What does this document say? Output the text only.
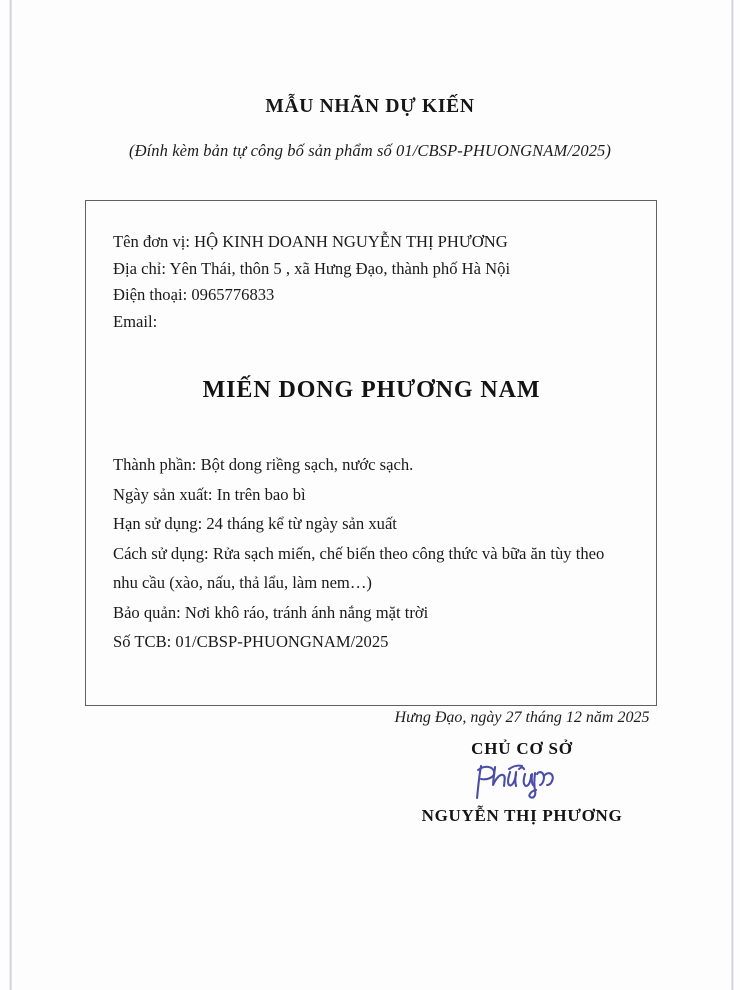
MẪU NHÃN DỰ KIẾN
(Đính kèm bản tự công bố sản phẩm số 01/CBSP-PHUONGNAM/2025)
Tên đơn vị: HỘ KINH DOANH NGUYỄN THỊ PHƯƠNG
Địa chỉ: Yên Thái, thôn 5 , xã Hưng Đạo, thành phố Hà Nội
Điện thoại: 0965776833
Email:
MIẾN DONG PHƯƠNG NAM
Thành phần: Bột dong riềng sạch, nước sạch.
Ngày sản xuất: In trên bao bì
Hạn sử dụng: 24 tháng kể từ ngày sản xuất
Cách sử dụng: Rửa sạch miến, chế biến theo công thức và bữa ăn tùy theo nhu cầu (xào, nấu, thả lẩu, làm nem…)
Bảo quản: Nơi khô ráo, tránh ánh nắng mặt trời
Số TCB: 01/CBSP-PHUONGNAM/2025
Hưng Đạo, ngày 27 tháng 12 năm 2025
CHỦ CƠ SỞ
NGUYỄN THỊ PHƯƠNG
